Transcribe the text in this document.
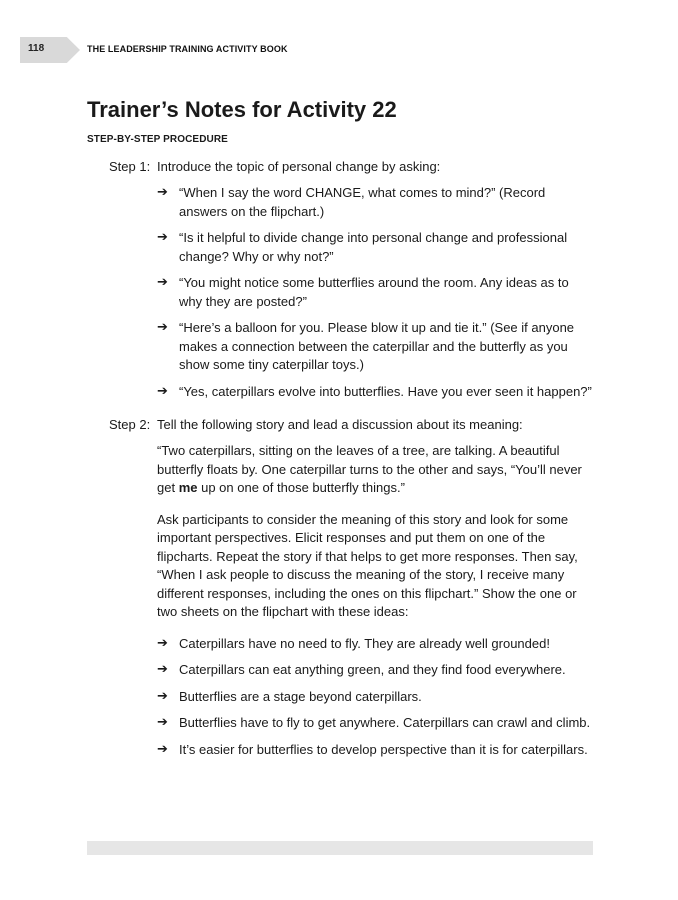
118	THE LEADERSHIP TRAINING ACTIVITY BOOK
Trainer’s Notes for Activity 22
STEP-BY-STEP PROCEDURE
Step 1: Introduce the topic of personal change by asking:
➔ “When I say the word CHANGE, what comes to mind?” (Record answers on the flipchart.)
➔ “Is it helpful to divide change into personal change and professional change? Why or why not?”
➔ “You might notice some butterflies around the room. Any ideas as to why they are posted?”
➔ “Here’s a balloon for you. Please blow it up and tie it.” (See if anyone makes a connection between the caterpillar and the butterfly as you show some tiny caterpillar toys.)
➔ “Yes, caterpillars evolve into butterflies. Have you ever seen it happen?”
Step 2: Tell the following story and lead a discussion about its meaning:

“Two caterpillars, sitting on the leaves of a tree, are talking. A beautiful butterfly floats by. One caterpillar turns to the other and says, “You’ll never get me up on one of those butterfly things.”

Ask participants to consider the meaning of this story and look for some important perspectives. Elicit responses and put them on one of the flipcharts. Repeat the story if that helps to get more responses. Then say, “When I ask people to discuss the meaning of the story, I receive many different responses, including the ones on this flipchart.” Show the one or two sheets on the flipchart with these ideas:

➔ Caterpillars have no need to fly. They are already well grounded!
➔ Caterpillars can eat anything green, and they find food everywhere.
➔ Butterflies are a stage beyond caterpillars.
➔ Butterflies have to fly to get anywhere. Caterpillars can crawl and climb.
➔ It’s easier for butterflies to develop perspective than it is for caterpillars.
